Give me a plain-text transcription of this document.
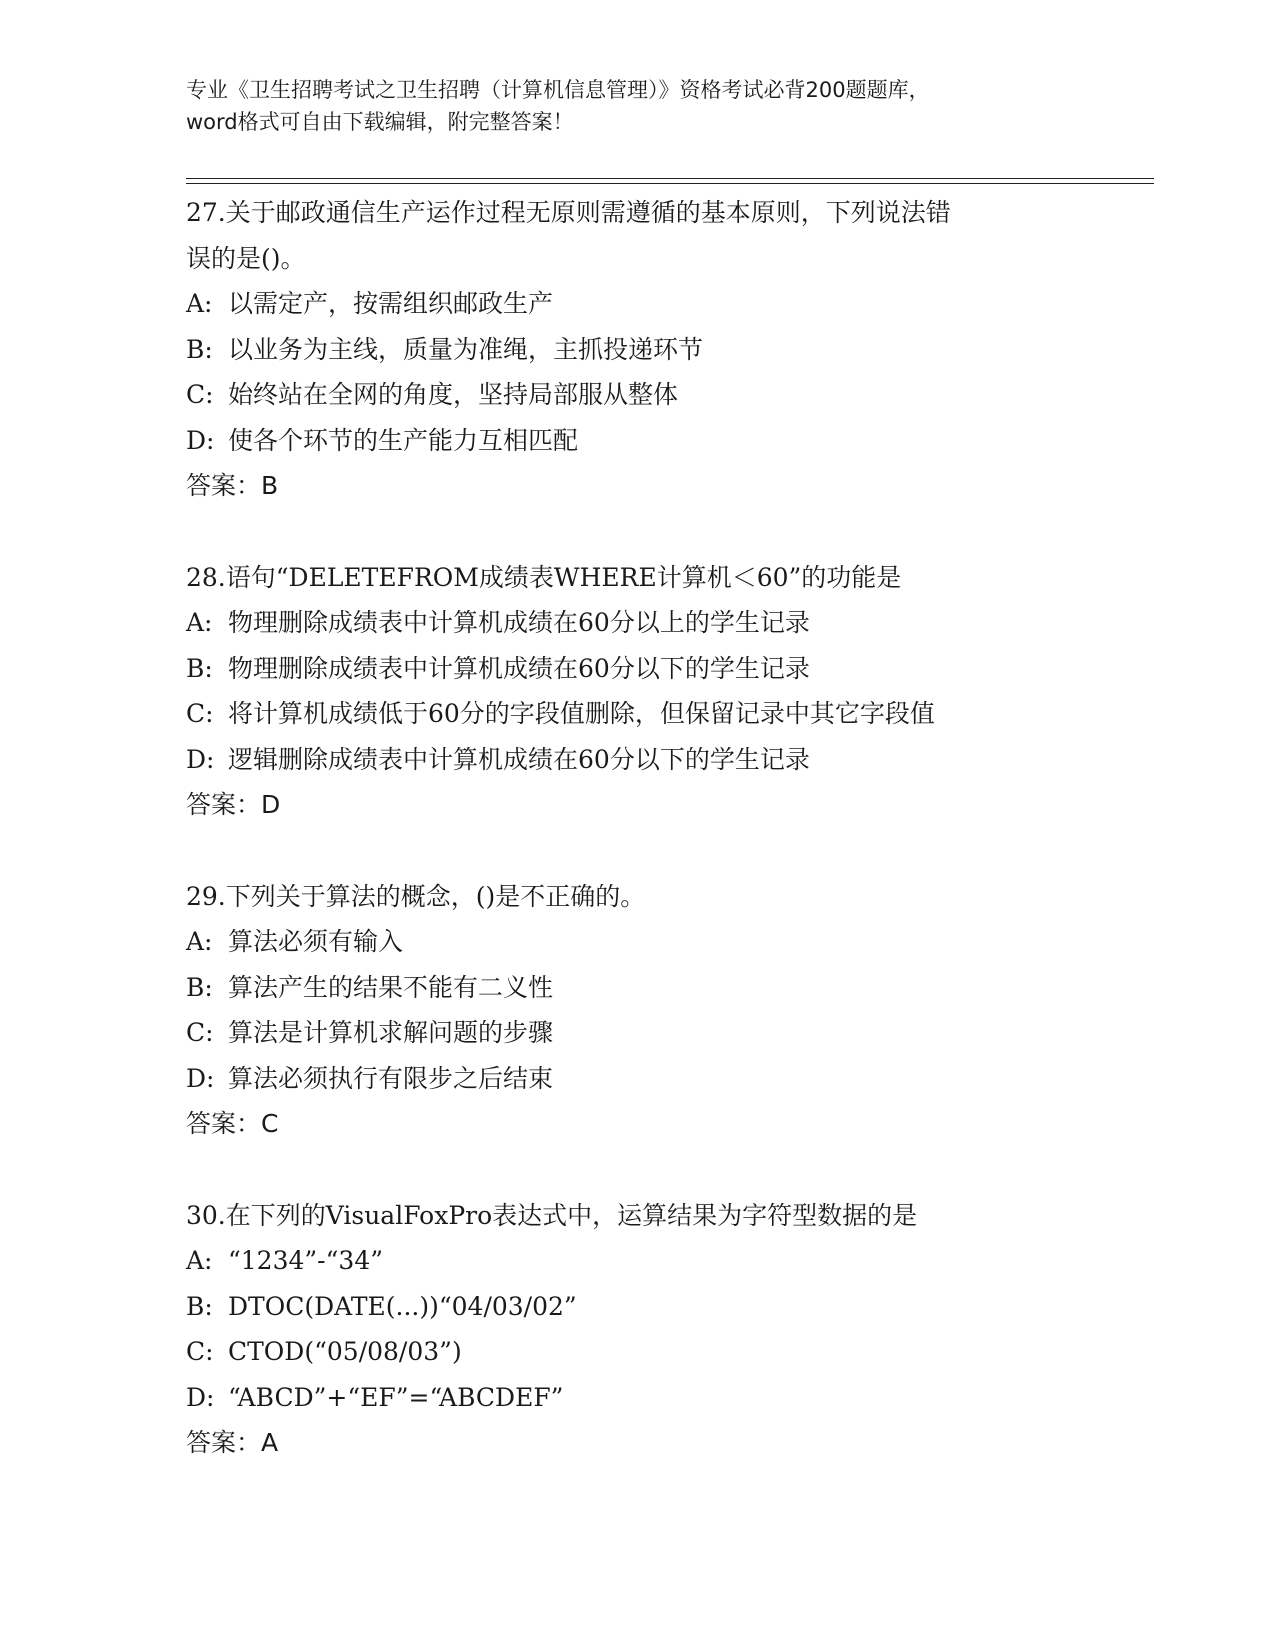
专业《卫生招聘考试之卫生招聘（计算机信息管理）》资格考试必背200题题库，
word格式可自由下载编辑，附完整答案！
27.关于邮政通信生产运作过程无原则需遵循的基本原则，下列说法错
误的是()。
A: 以需定产，按需组织邮政生产
B: 以业务为主线，质量为准绳，主抓投递环节
C: 始终站在全网的角度，坚持局部服从整体
D: 使各个环节的生产能力互相匹配
答案：B
28.语句“DELETEFROM成绩表WHERE计算机＜60”的功能是
A: 物理删除成绩表中计算机成绩在60分以上的学生记录
B: 物理删除成绩表中计算机成绩在60分以下的学生记录
C: 将计算机成绩低于60分的字段值删除，但保留记录中其它字段值
D: 逻辑删除成绩表中计算机成绩在60分以下的学生记录
答案：D
29.下列关于算法的概念，()是不正确的。
A: 算法必须有输入
B: 算法产生的结果不能有二义性
C: 算法是计算机求解问题的步骤
D: 算法必须执行有限步之后结束
答案：C
30.在下列的VisualFoxPro表达式中，运算结果为字符型数据的是
A: “1234”-“34”
B: DTOC(DATE(...))“04/03/02”
C: CTOD(“05/08/03”)
D: “ABCD”+“EF”=“ABCDEF”
答案：A
